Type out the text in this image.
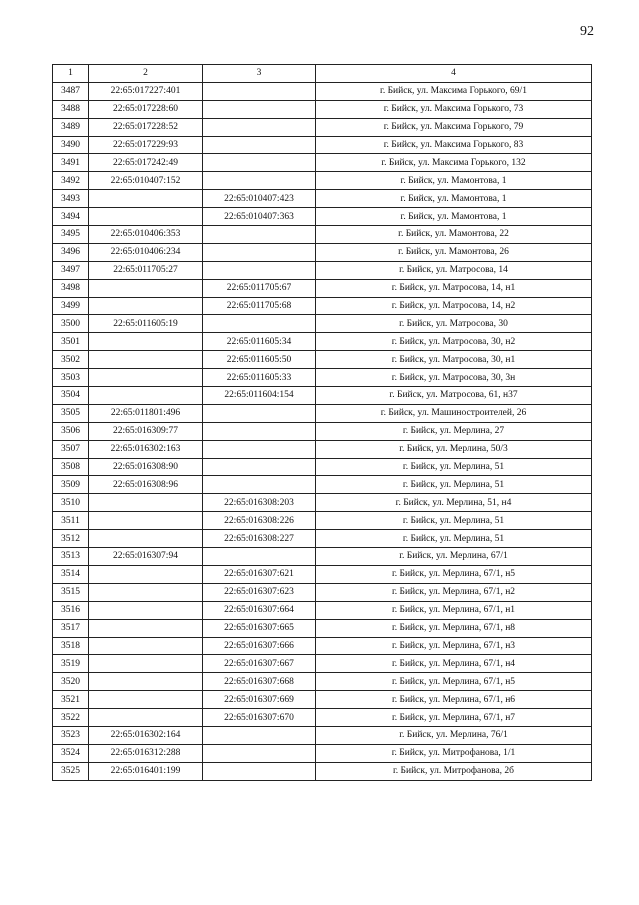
92
1	2	3	4
3487	22:65:017227:401		г. Бийск, ул. Максима Горького, 69/1
3488	22:65:017228:60		г. Бийск, ул. Максима Горького, 73
3489	22:65:017228:52		г. Бийск, ул. Максима Горького, 79
3490	22:65:017229:93		г. Бийск, ул. Максима Горького, 83
3491	22:65:017242:49		г. Бийск, ул. Максима Горького, 132
3492	22:65:010407:152		г. Бийск, ул. Мамонтова, 1
3493		22:65:010407:423	г. Бийск, ул. Мамонтова, 1
3494		22:65:010407:363	г. Бийск, ул. Мамонтова, 1
3495	22:65:010406:353		г. Бийск, ул. Мамонтова, 22
3496	22:65:010406:234		г. Бийск, ул. Мамонтова, 26
3497	22:65:011705:27		г. Бийск, ул. Матросова, 14
3498		22:65:011705:67	г. Бийск, ул. Матросова, 14, н1
3499		22:65:011705:68	г. Бийск, ул. Матросова, 14, н2
3500	22:65:011605:19		г. Бийск, ул. Матросова, 30
3501		22:65:011605:34	г. Бийск, ул. Матросова, 30, н2
3502		22:65:011605:50	г. Бийск, ул. Матросова, 30, н1
3503		22:65:011605:33	г. Бийск, ул. Матросова, 30, 3н
3504		22:65:011604:154	г. Бийск, ул. Матросова, 61, н37
3505	22:65:011801:496		г. Бийск, ул. Машиностроителей, 26
3506	22:65:016309:77		г. Бийск, ул. Мерлина, 27
3507	22:65:016302:163		г. Бийск, ул. Мерлина, 50/3
3508	22:65:016308:90		г. Бийск, ул. Мерлина, 51
3509	22:65:016308:96		г. Бийск, ул. Мерлина, 51
3510		22:65:016308:203	г. Бийск, ул. Мерлина, 51, н4
3511		22:65:016308:226	г. Бийск, ул. Мерлина, 51
3512		22:65:016308:227	г. Бийск, ул. Мерлина, 51
3513	22:65:016307:94		г. Бийск, ул. Мерлина, 67/1
3514		22:65:016307:621	г. Бийск, ул. Мерлина, 67/1, н5
3515		22:65:016307:623	г. Бийск, ул. Мерлина, 67/1, н2
3516		22:65:016307:664	г. Бийск, ул. Мерлина, 67/1, н1
3517		22:65:016307:665	г. Бийск, ул. Мерлина, 67/1, н8
3518		22:65:016307:666	г. Бийск, ул. Мерлина, 67/1, н3
3519		22:65:016307:667	г. Бийск, ул. Мерлина, 67/1, н4
3520		22:65:016307:668	г. Бийск, ул. Мерлина, 67/1, н5
3521		22:65:016307:669	г. Бийск, ул. Мерлина, 67/1, н6
3522		22:65:016307:670	г. Бийск, ул. Мерлина, 67/1, н7
3523	22:65:016302:164		г. Бийск, ул. Мерлина, 76/1
3524	22:65:016312:288		г. Бийск, ул. Митрофанова, 1/1
3525	22:65:016401:199		г. Бийск, ул. Митрофанова, 2б
